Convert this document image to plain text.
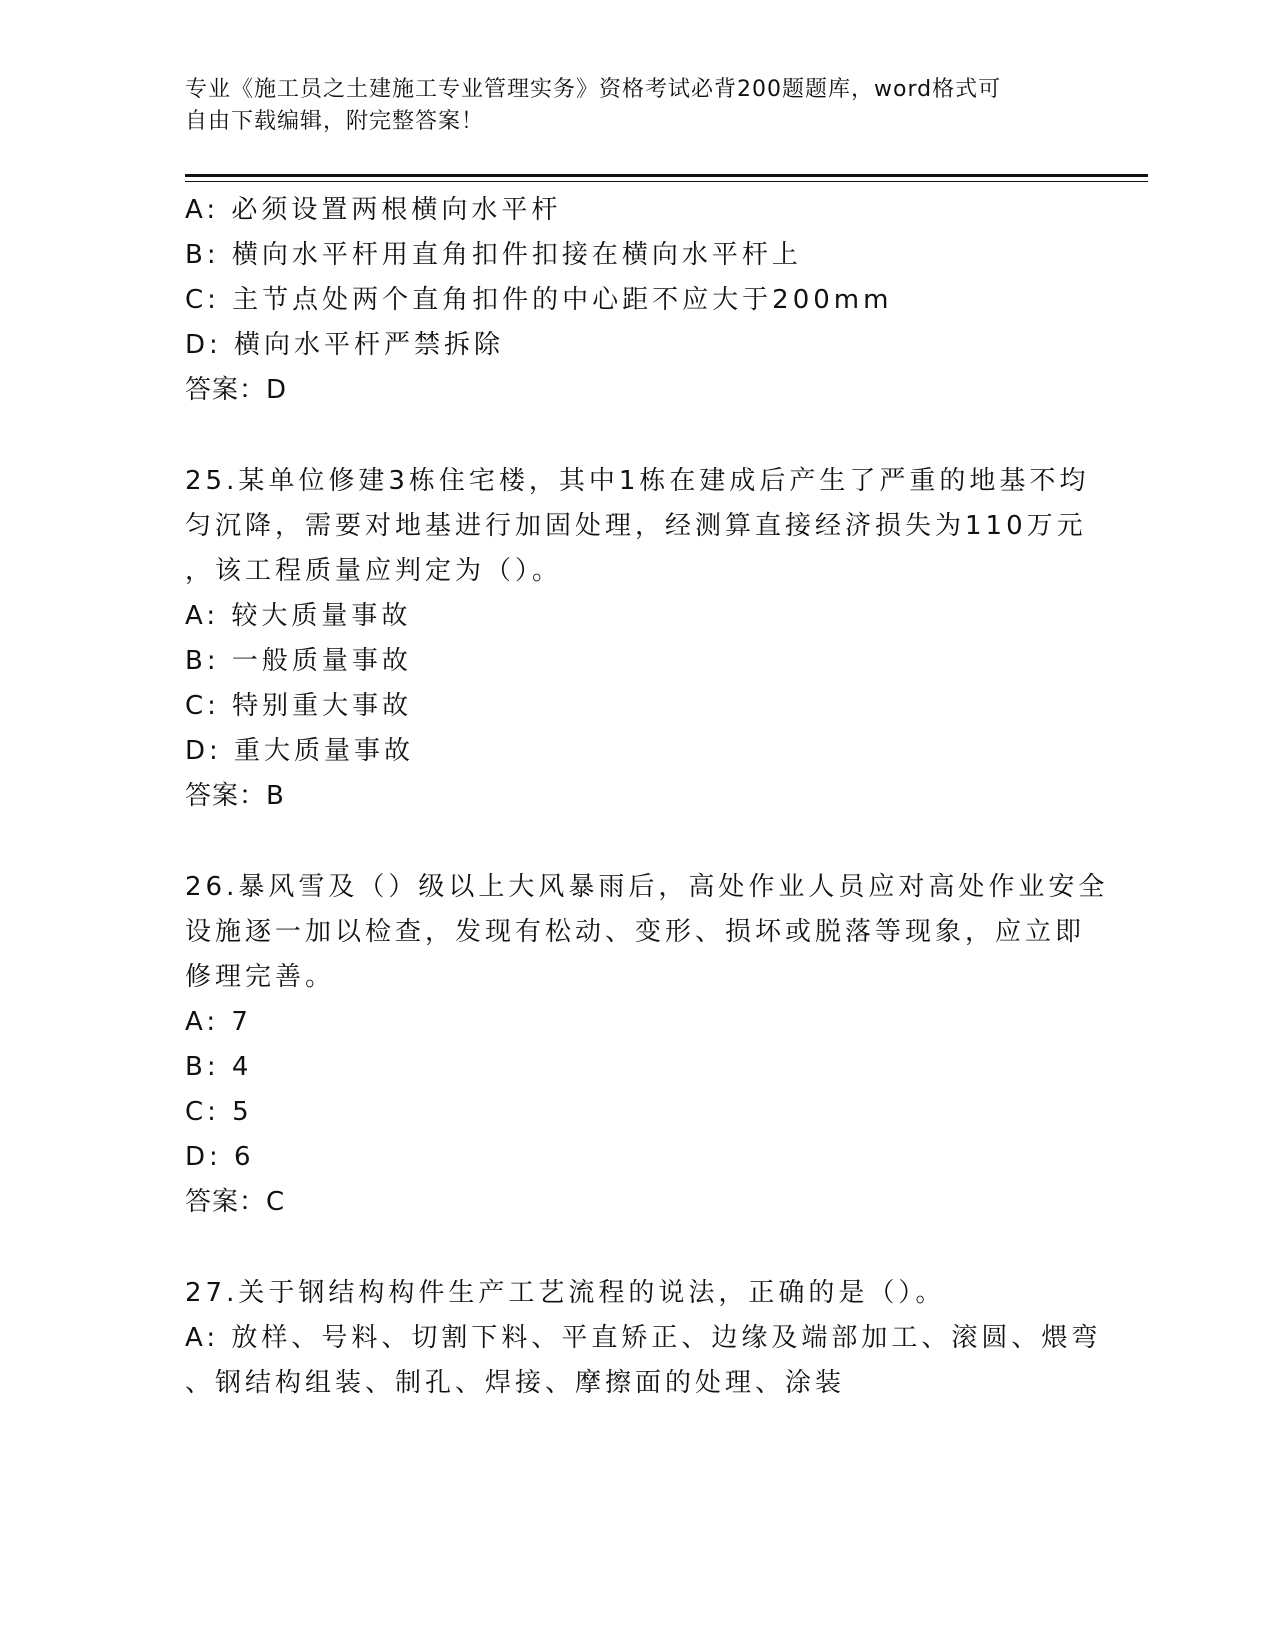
专业《施工员之土建施工专业管理实务》资格考试必背200题题库，word格式可
自由下载编辑，附完整答案！
A: 必须设置两根横向水平杆
B: 横向水平杆用直角扣件扣接在横向水平杆上
C: 主节点处两个直角扣件的中心距不应大于200mm
D: 横向水平杆严禁拆除
答案：D
25.某单位修建3栋住宅楼，其中1栋在建成后产生了严重的地基不均
匀沉降，需要对地基进行加固处理，经测算直接经济损失为110万元
，该工程质量应判定为（）。
A: 较大质量事故
B: 一般质量事故
C: 特别重大事故
D: 重大质量事故
答案：B
26.暴风雪及（）级以上大风暴雨后，高处作业人员应对高处作业安全
设施逐一加以检查，发现有松动、变形、损坏或脱落等现象，应立即
修理完善。
A: 7
B: 4
C: 5
D: 6
答案：C
27.关于钢结构构件生产工艺流程的说法，正确的是（）。
A: 放样、号料、切割下料、平直矫正、边缘及端部加工、滚圆、煨弯
、钢结构组装、制孔、焊接、摩擦面的处理、涂装
